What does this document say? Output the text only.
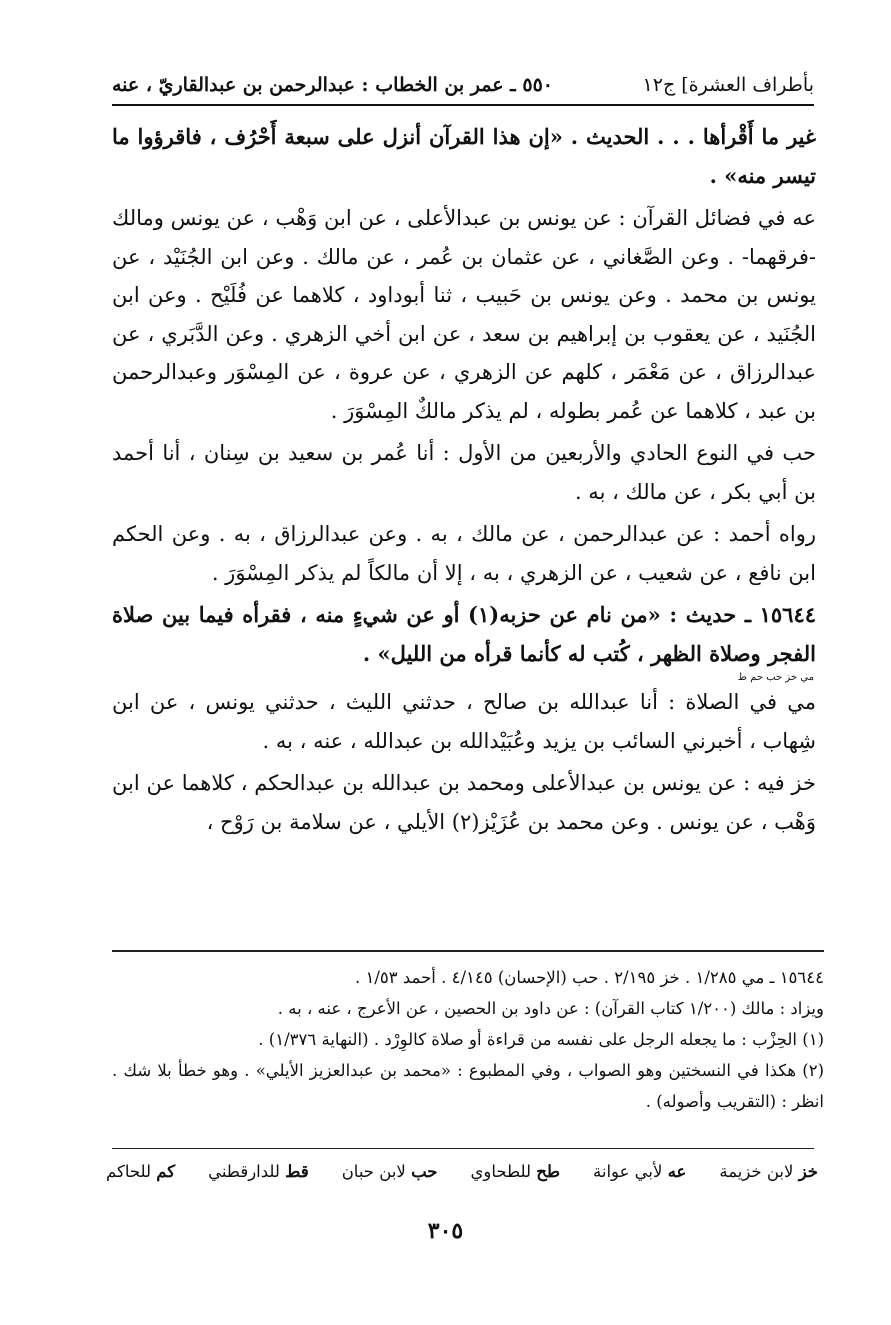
بأطراف العشرة] ج١٢
٥٥٠ ـ عمر بن الخطاب : عبدالرحمن بن عبدالقاريّ ، عنه

غير ما أَقْرأها . . . الحديث . «إن هذا القرآن أنزل على سبعة أَحْرُف ، فاقرؤوا ما تيسر منه» .

عه في فضائل القرآن : عن يونس بن عبدالأعلى ، عن ابن وَهْب ، عن يونس ومالك -فرقهما- . وعن الصَّغاني ، عن عثمان بن عُمر ، عن مالك . وعن ابن الجُنَيْد ، عن يونس بن محمد . وعن يونس بن حَبيب ، ثنا أبوداود ، كلاهما عن فُلَيْح . وعن ابن الجُنَيد ، عن يعقوب بن إبراهيم بن سعد ، عن ابن أخي الزهري . وعن الدَّبَري ، عن عبدالرزاق ، عن مَعْمَر ، كلهم عن الزهري ، عن عروة ، عن المِسْوَر وعبدالرحمن بن عبد ، كلاهما عن عُمر بطوله ، لم يذكر مالكٌ المِسْوَرَ .

حب في النوع الحادي والأربعين من الأول : أنا عُمر بن سعيد بن سِنان ، أنا أحمد بن أبي بكر ، عن مالك ، به .

رواه أحمد : عن عبدالرحمن ، عن مالك ، به . وعن عبدالرزاق ، به . وعن الحكم ابن نافع ، عن شعيب ، عن الزهري ، به ، إلا أن مالكاً لم يذكر المِسْوَرَ .

١٥٦٤٤ ـ حديث : «من نام عن حزبه(١) أو عن شيءٍ منه ، فقرأه فيما بين صلاة الفجر وصلاة الظهر ، كُتب له كأنما قرأه من الليل» .

مي خز حب حم ط

مي في الصلاة : أنا عبدالله بن صالح ، حدثني الليث ، حدثني يونس ، عن ابن شِهاب ، أخبرني السائب بن يزيد وعُبَيْدالله بن عبدالله ، عنه ، به .

خز فيه : عن يونس بن عبدالأعلى ومحمد بن عبدالله بن عبدالحكم ، كلاهما عن ابن وَهْب ، عن يونس . وعن محمد بن عُزَيْز(٢) الأيلي ، عن سلامة بن رَوْح ،

١٥٦٤٤ ـ مي ١/٢٨٥ . خز ٢/١٩٥ . حب (الإحسان) ٤/١٤٥ . أحمد ١/٥٣ .

ويزاد : مالك (١/٢٠٠ كتاب القرآن) : عن داود بن الحصين ، عن الأعرج ، عنه ، به .

(١) الحِزْب : ما يجعله الرجل على نفسه من قراءة أو صلاة كالوِرْد . (النهاية ١/٣٧٦) .

(٢) هكذا في النسختين وهو الصواب ، وفي المطبوع : «محمد بن عبدالعزيز الأيلي» . وهو خطأ بلا شك . انظر : (التقريب وأصوله) .

خز لابن خزيمة
عه لأبي عوانة
طح للطحاوي
حب لابن حبان
قط للدارقطني
كم للحاكم
٣٠٥
